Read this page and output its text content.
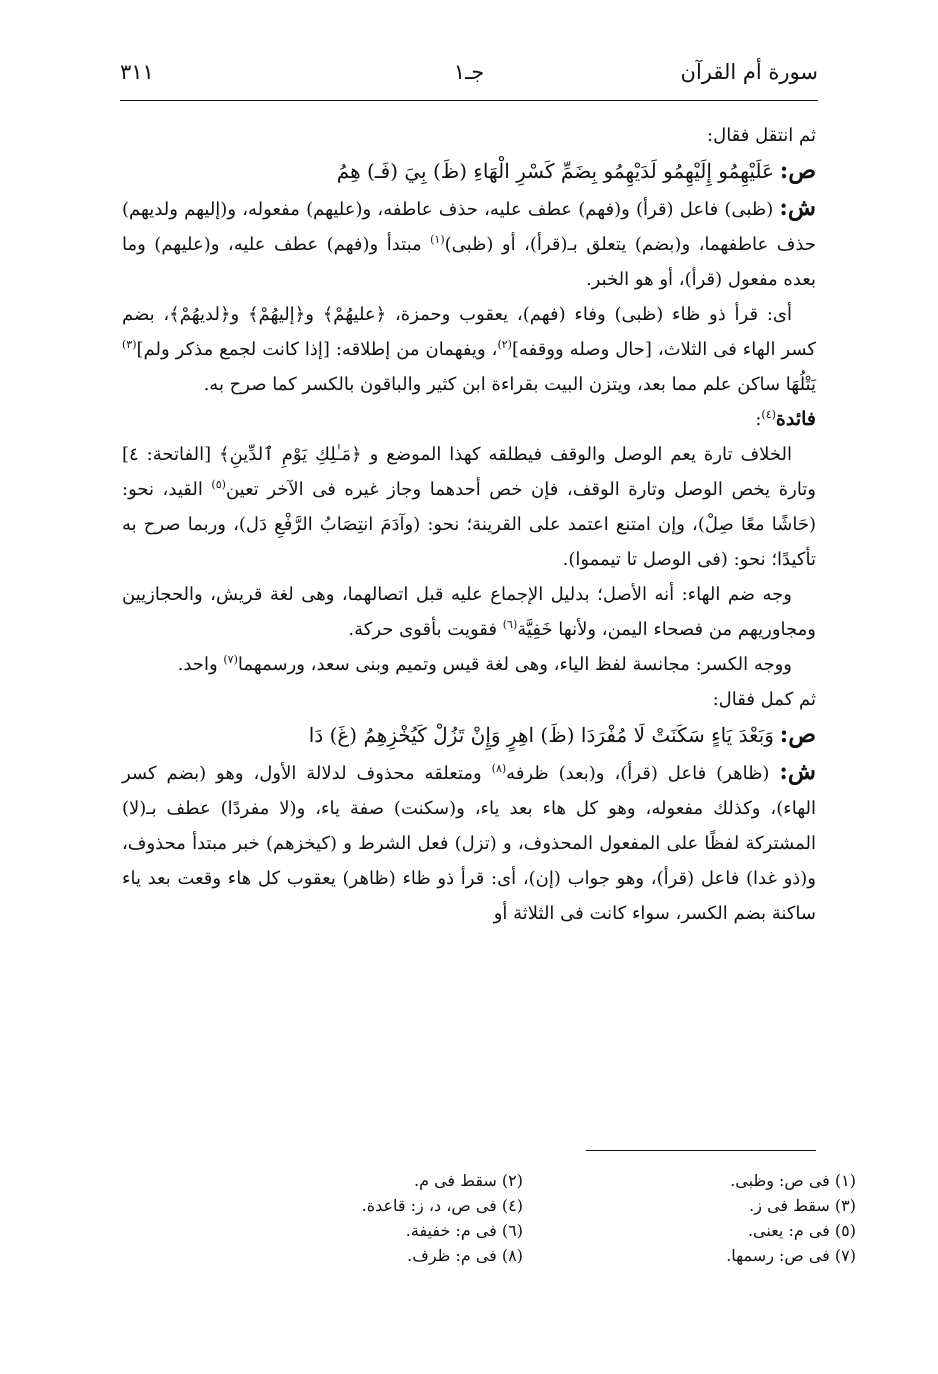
سورة أم القرآن
جـ١
٣١١

ثم انتقل فقال:

ص: عَلَيْهِمُو إِلَيْهِمُو لَدَيْهِمُو بِضَمِّ كَسْرِ الْهَاءِ (ظَ) بِيَ (فَـ) هِمُ

ش: (ظبى) فاعل (قرأ) و(فهم) عطف عليه، حذف عاطفه، و(عليهم) مفعوله، و(إليهم ولديهم) حذف عاطفهما، و(بضم) يتعلق بـ(قرأ)، أو (ظبى)$^{(١)}$ مبتدأ و(فهم) عطف عليه، و(عليهم) وما بعده مفعول (قرأ)، أو هو الخبر.

أى: قرأ ذو ظاء (ظبى) وفاء (فهم)، يعقوب وحمزة، ﴿عليهُمْ﴾ و﴿إليهُمْ﴾ و﴿لديهُمْ﴾، بضم كسر الهاء فى الثلاث، [حال وصله ووقفه]$^{(٢)}$، ويفهمان من إطلاقه: [إذا كانت لجمع مذكر ولم]$^{(٣)}$ يَتْلُهَا ساكن علم مما بعد، ويتزن البيت بقراءة ابن كثير والباقون بالكسر كما صرح به.

فائدة$^{(٤)}$:

الخلاف تارة يعم الوصل والوقف فيطلقه كهذا الموضع و ﴿مَـٰلِكِ يَوْمِ ٱلدِّينِ﴾ [الفاتحة: ٤] وتارة يخص الوصل وتارة الوقف، فإن خص أحدهما وجاز غيره فى الآخر تعين$^{(٥)}$ القيد، نحو: (حَاشًا معًا صِلْ)، وإن امتنع اعتمد على القرينة؛ نحو: (وآدَمَ انتِصَابُ الرَّفْعِ دَل)، وربما صرح به تأكيدًا؛ نحو: (فى الوصل تا تيمموا).

وجه ضم الهاء: أنه الأصل؛ بدليل الإجماع عليه قبل اتصالهما، وهى لغة قريش، والحجازيين ومجاوريهم من فصحاء اليمن، ولأنها خَفِيَّة$^{(٦)}$ فقويت بأقوى حركة.

ووجه الكسر: مجانسة لفظ الياء، وهى لغة قيس وتميم وبنى سعد، ورسمهما$^{(٧)}$ واحد.

ثم كمل فقال:

ص: وَبَعْدَ يَاءٍ سَكَنَتْ لَا مُفْرَدَا (ظَ) اهِرٍ وَإِنْ تَزُلْ كَيُخْزِهِمُ (غَ) دَا

ش: (ظاهر) فاعل (قرأ)، و(بعد) ظرفه$^{(٨)}$ ومتعلقه محذوف لدلالة الأول، وهو (بضم كسر الهاء)، وكذلك مفعوله، وهو كل هاء بعد ياء، و(سكنت) صفة ياء، و(لا مفردًا) عطف بـ(لا) المشتركة لفظًا على المفعول المحذوف، و (تزل) فعل الشرط و (كيخزهم) خبر مبتدأ محذوف، و(ذو غدا) فاعل (قرأ)، وهو جواب (إن)، أى: قرأ ذو ظاء (ظاهر) يعقوب كل هاء وقعت بعد ياء ساكنة بضم الكسر، سواء كانت فى الثلاثة أو

(١) فى ص: وظبى.
(٣) سقط فى ز.
(٥) فى م: يعنى.
(٧) فى ص: رسمها.
(٢) سقط فى م.
(٤) فى ص، د، ز: قاعدة.
(٦) فى م: خفيفة.
(٨) فى م: ظرف.
